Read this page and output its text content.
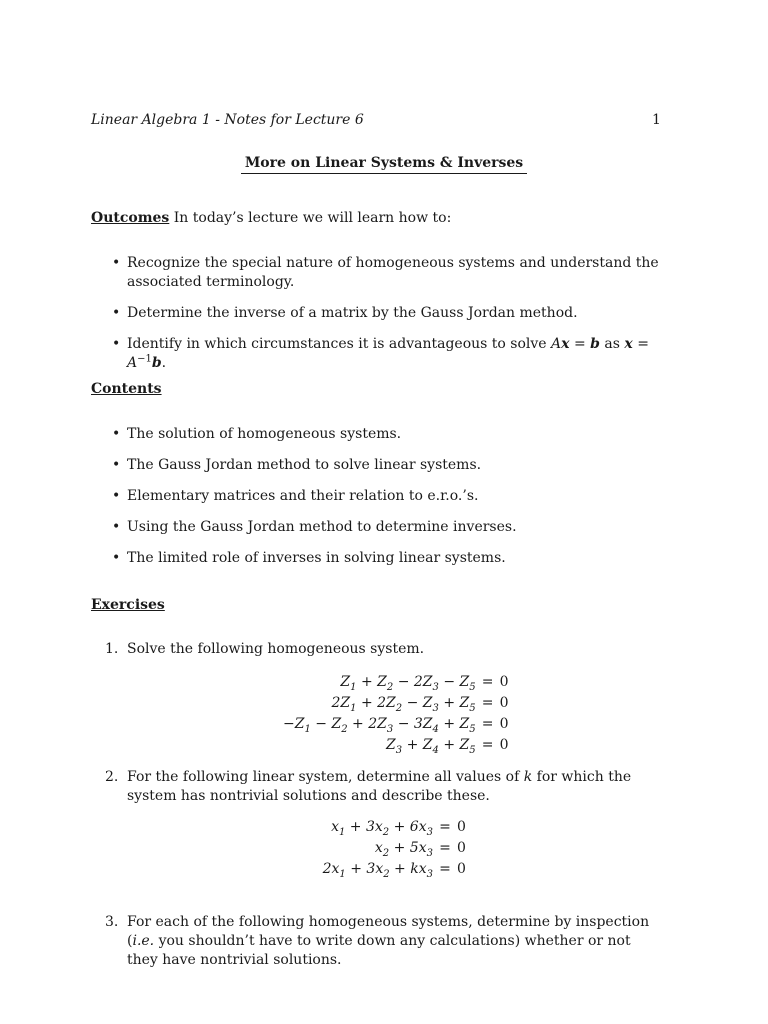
Linear Algebra 1 - Notes for Lecture 6	1
More on Linear Systems & Inverses
Outcomes In today’s lecture we will learn how to:
• Recognize the special nature of homogeneous systems and understand the associated terminology.
• Determine the inverse of a matrix by the Gauss Jordan method.
• Identify in which circumstances it is advantageous to solve Ax = b as $x = A^{-1}b$.
Contents
• The solution of homogeneous systems.
• The Gauss Jordan method to solve linear systems.
• Elementary matrices and their relation to e.r.o.’s.
• Using the Gauss Jordan method to determine inverses.
• The limited role of inverses in solving linear systems.
Exercises
1. Solve the following homogeneous system.
$Z_1 + Z_2 - 2Z_3 - Z_5$	=	0
$2Z_1 + 2Z_2 - Z_3 + Z_5$	=	0
$-Z_1 - Z_2 + 2Z_3 - 3Z_4 + Z_5$	=	0
$Z_3 + Z_4 + Z_5$	=	0
2. For the following linear system, determine all values of k for which the system has nontrivial solutions and describe these.
$x_1 + 3x_2 + 6x_3$	=	0
$x_2 + 5x_3$	=	0
$2x_1 + 3x_2 + kx_3$	=	0
3. For each of the following homogeneous systems, determine by inspection (i.e. you shouldn’t have to write down any calculations) whether or not they have nontrivial solutions.
